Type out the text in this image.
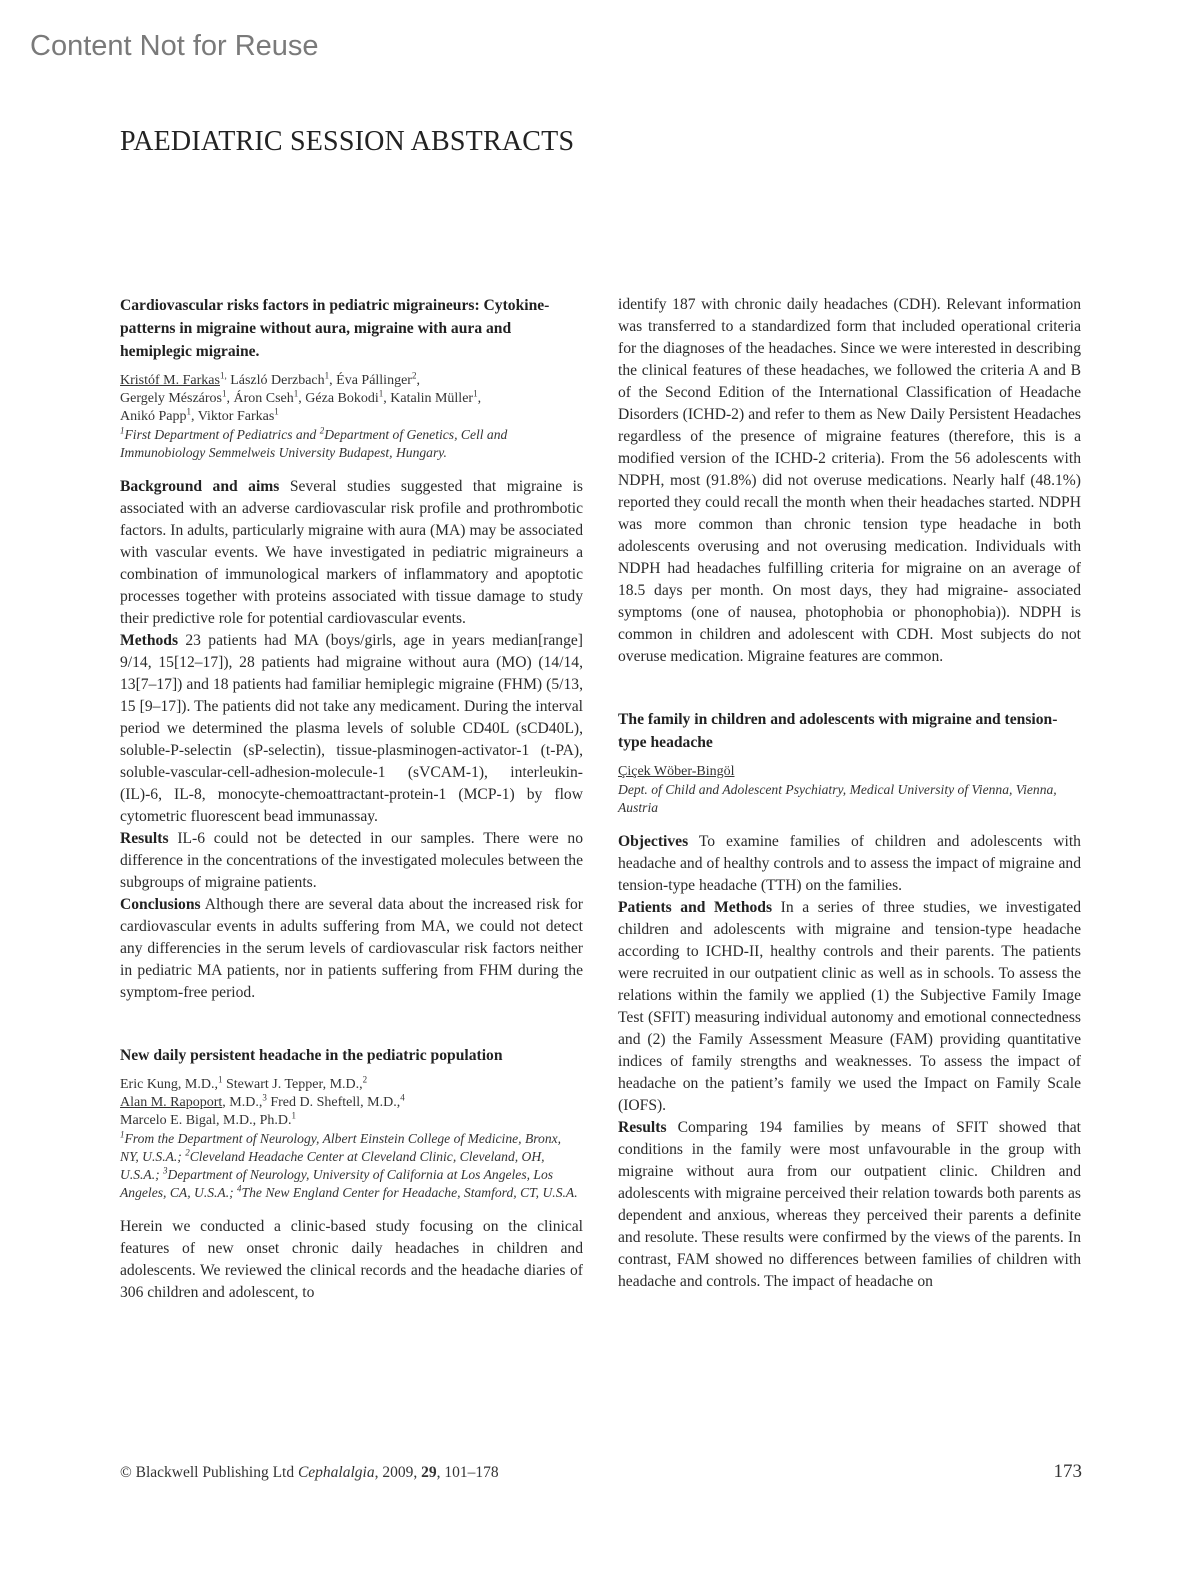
Content Not for Reuse
PAEDIATRIC SESSION ABSTRACTS

Cardiovascular risks factors in pediatric migraineurs: Cytokine-patterns in migraine without aura, migraine with aura and hemiplegic migraine.

Kristóf M. Farkas$^{1,}$ László Derzbach$^1$, Éva Pállinger$^2$,
Gergely Mészáros$^1$, Áron Cseh$^1$, Géza Bokodi$^1$, Katalin Müller$^1$,
Anikó Papp$^1$, Viktor Farkas$^1$

$^1$First Department of Pediatrics and $^2$Department of Genetics, Cell and Immunobiology Semmelweis University Budapest, Hungary.

Background and aims Several studies suggested that migraine is associated with an adverse cardiovascular risk profile and prothrombotic factors. In adults, particularly migraine with aura (MA) may be associated with vascular events. We have investigated in pediatric migraineurs a combination of immunological markers of inflammatory and apoptotic processes together with proteins associated with tissue damage to study their predictive role for potential cardiovascular events.

Methods 23 patients had MA (boys/girls, age in years median[range] 9/14, 15[12–17]), 28 patients had migraine without aura (MO) (14/14, 13[7–17]) and 18 patients had familiar hemiplegic migraine (FHM) (5/13, 15 [9–17]). The patients did not take any medicament. During the interval period we determined the plasma levels of soluble CD40L (sCD40L), soluble-P-selectin (sP-selectin), tissue-plasminogen-activator-1 (t-PA), soluble-vascular-cell-adhesion-molecule-1 (sVCAM-1), interleukin-(IL)-6, IL-8, monocyte-chemoattractant-protein-1 (MCP-1) by flow cytometric fluorescent bead immunassay.

Results IL-6 could not be detected in our samples. There were no difference in the concentrations of the investigated molecules between the subgroups of migraine patients.

Conclusions Although there are several data about the increased risk for cardiovascular events in adults suffering from MA, we could not detect any differencies in the serum levels of cardiovascular risk factors neither in pediatric MA patients, nor in patients suffering from FHM during the symptom-free period.

New daily persistent headache in the pediatric population

Eric Kung, M.D.,$^1$ Stewart J. Tepper, M.D.,$^2$
Alan M. Rapoport, M.D.,$^3$ Fred D. Sheftell, M.D.,$^4$
Marcelo E. Bigal, M.D., Ph.D.$^1$

$^1$From the Department of Neurology, Albert Einstein College of Medicine, Bronx, NY, U.S.A.; $^2$Cleveland Headache Center at Cleveland Clinic, Cleveland, OH, U.S.A.; $^3$Department of Neurology, University of California at Los Angeles, Los Angeles, CA, U.S.A.; $^4$The New England Center for Headache, Stamford, CT, U.S.A.

Herein we conducted a clinic-based study focusing on the clinical features of new onset chronic daily headaches in children and adolescents. We reviewed the clinical records and the headache diaries of 306 children and adolescent, to

identify 187 with chronic daily headaches (CDH). Relevant information was transferred to a standardized form that included operational criteria for the diagnoses of the headaches. Since we were interested in describing the clinical features of these headaches, we followed the criteria A and B of the Second Edition of the International Classification of Headache Disorders (ICHD-2) and refer to them as New Daily Persistent Headaches regardless of the presence of migraine features (therefore, this is a modified version of the ICHD-2 criteria). From the 56 adolescents with NDPH, most (91.8%) did not overuse medications. Nearly half (48.1%) reported they could recall the month when their headaches started. NDPH was more common than chronic tension type headache in both adolescents overusing and not overusing medication. Individuals with NDPH had headaches fulfilling criteria for migraine on an average of 18.5 days per month. On most days, they had migraine- associated symptoms (one of nausea, photophobia or phonophobia)). NDPH is common in children and adolescent with CDH. Most subjects do not overuse medication. Migraine features are common.

The family in children and adolescents with migraine and tension-type headache

Çiçek Wöber-Bingöl

Dept. of Child and Adolescent Psychiatry, Medical University of Vienna, Vienna, Austria

Objectives To examine families of children and adolescents with headache and of healthy controls and to assess the impact of migraine and tension-type headache (TTH) on the families.

Patients and Methods In a series of three studies, we investigated children and adolescents with migraine and tension-type headache according to ICHD-II, healthy controls and their parents. The patients were recruited in our outpatient clinic as well as in schools. To assess the relations within the family we applied (1) the Subjective Family Image Test (SFIT) measuring individual autonomy and emotional connectedness and (2) the Family Assessment Measure (FAM) providing quantitative indices of family strengths and weaknesses. To assess the impact of headache on the patient’s family we used the Impact on Family Scale (IOFS).

Results Comparing 194 families by means of SFIT showed that conditions in the family were most unfavourable in the group with migraine without aura from our outpatient clinic. Children and adolescents with migraine perceived their relation towards both parents as dependent and anxious, whereas they perceived their parents a definite and resolute. These results were confirmed by the views of the parents. In contrast, FAM showed no differences between families of children with headache and controls. The impact of headache on

© Blackwell Publishing Ltd Cephalalgia, 2009, 29, 101–178	173
